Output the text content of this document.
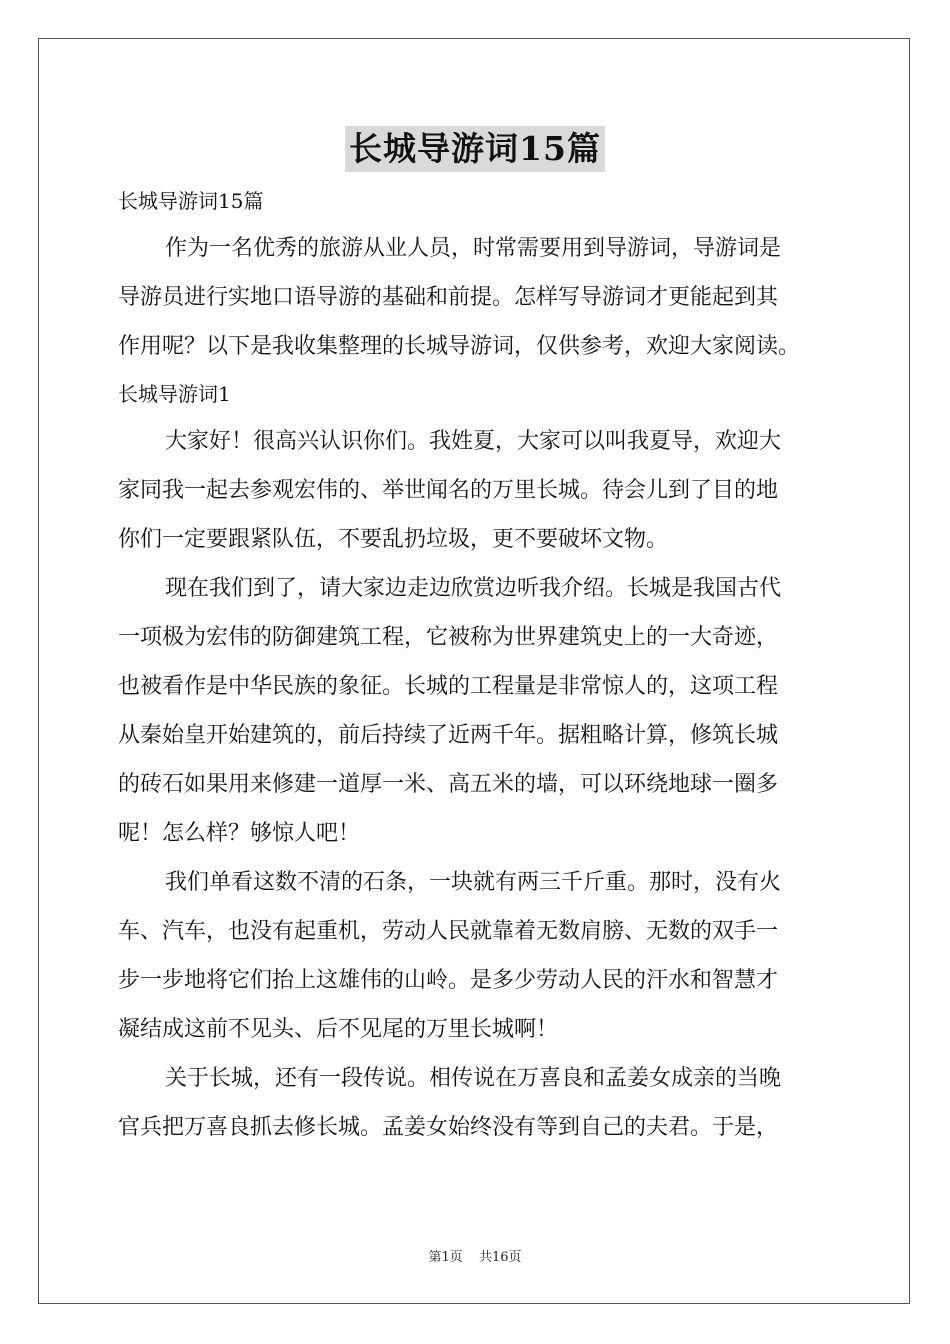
长城导游词15篇
长城导游词15篇
作为一名优秀的旅游从业人员，时常需要用到导游词，导游词是
导游员进行实地口语导游的基础和前提。怎样写导游词才更能起到其
作用呢？以下是我收集整理的长城导游词，仅供参考，欢迎大家阅读。
长城导游词1
大家好！很高兴认识你们。我姓夏，大家可以叫我夏导，欢迎大
家同我一起去参观宏伟的、举世闻名的万里长城。待会儿到了目的地
你们一定要跟紧队伍，不要乱扔垃圾，更不要破坏文物。
现在我们到了，请大家边走边欣赏边听我介绍。长城是我国古代
一项极为宏伟的防御建筑工程，它被称为世界建筑史上的一大奇迹，
也被看作是中华民族的象征。长城的工程量是非常惊人的，这项工程
从秦始皇开始建筑的，前后持续了近两千年。据粗略计算，修筑长城
的砖石如果用来修建一道厚一米、高五米的墙，可以环绕地球一圈多
呢！怎么样？够惊人吧！
我们单看这数不清的石条，一块就有两三千斤重。那时，没有火
车、汽车，也没有起重机，劳动人民就靠着无数肩膀、无数的双手一
步一步地将它们抬上这雄伟的山岭。是多少劳动人民的汗水和智慧才
凝结成这前不见头、后不见尾的万里长城啊！
关于长城，还有一段传说。相传说在万喜良和孟姜女成亲的当晚
官兵把万喜良抓去修长城。孟姜女始终没有等到自己的夫君。于是，
第1页 共16页
